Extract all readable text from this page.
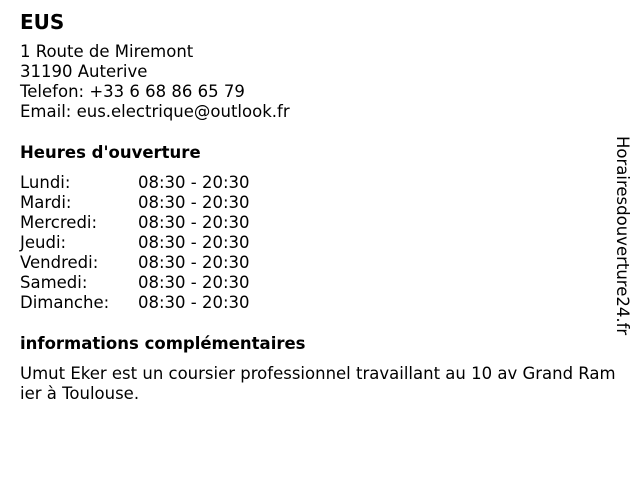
EUS
1 Route de Miremont
31190 Auterive
Telefon: +33 6 68 86 65 79
Email: eus.electrique@outlook.fr
Heures d'ouverture
Lundi:	08:30 - 20:30
Mardi:	08:30 - 20:30
Mercredi:	08:30 - 20:30
Jeudi:	08:30 - 20:30
Vendredi:	08:30 - 20:30
Samedi:	08:30 - 20:30
Dimanche:	08:30 - 20:30
informations complémentaires
Umut Eker est un coursier professionnel travaillant au 10 av Grand Ramier à Toulouse.
Horairesdouverture24.fr
